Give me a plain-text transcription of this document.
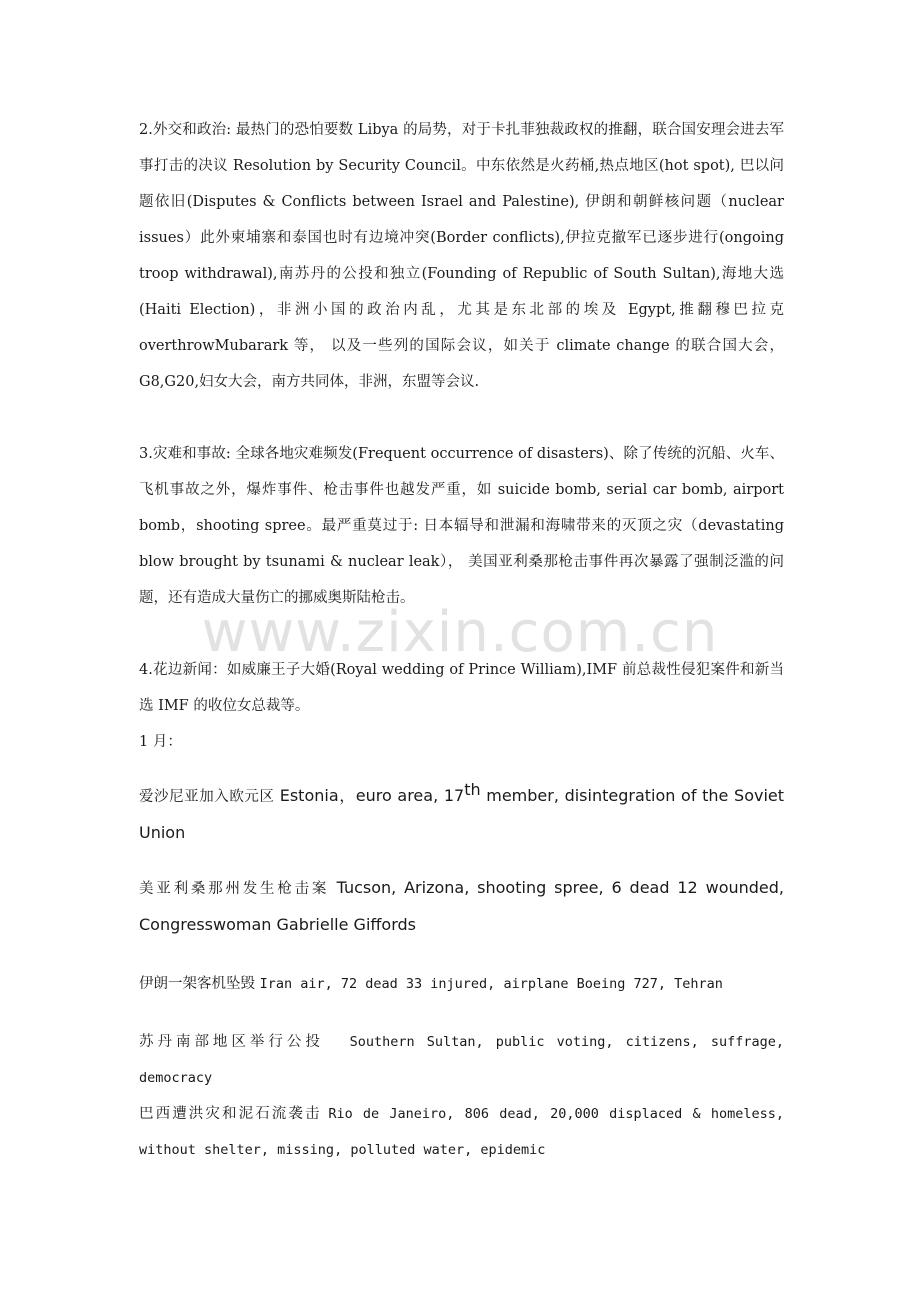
2.外交和政治: 最热门的恐怕要数 Libya 的局势，对于卡扎菲独裁政权的推翻，联合国安理会进去军事打击的决议 Resolution by Security Council。中东依然是火药桶,热点地区(hot spot), 巴以问题依旧(Disputes & Conflicts between Israel and Palestine), 伊朗和朝鲜核问题（nuclear issues）此外柬埔寨和泰国也时有边境冲突(Border conflicts),伊拉克撤军已逐步进行(ongoing troop withdrawal),南苏丹的公投和独立(Founding of Republic of South Sultan),海地大选(Haiti Election)，非洲小国的政治内乱，尤其是东北部的埃及 Egypt,推翻穆巴拉克 overthrowMubarark 等， 以及一些列的国际会议，如关于 climate change 的联合国大会，G8,G20,妇女大会，南方共同体，非洲，东盟等会议.

3.灾难和事故: 全球各地灾难频发(Frequent occurrence of disasters)、除了传统的沉船、火车、飞机事故之外，爆炸事件、枪击事件也越发严重，如 suicide bomb, serial car bomb, airport bomb，shooting spree。最严重莫过于: 日本辐导和泄漏和海啸带来的灭顶之灾（devastating blow brought by tsunami & nuclear leak）， 美国亚利桑那枪击事件再次暴露了强制泛滥的问题，还有造成大量伤亡的挪威奥斯陆枪击。

4.花边新闻：如威廉王子大婚(Royal wedding of Prince William),IMF 前总裁性侵犯案件和新当选 IMF 的收位女总裁等。

1 月：

爱沙尼亚加入欧元区 Estonia，euro area, 17th member, disintegration of the Soviet Union

美亚利桑那州发生枪击案 Tucson, Arizona, shooting spree, 6 dead 12 wounded, Congresswoman Gabrielle Giffords

伊朗一架客机坠毁 Iran air, 72 dead 33 injured, airplane Boeing 727, Tehran

苏丹南部地区举行公投 Southern Sultan, public voting, citizens, suffrage, democracy

巴西遭洪灾和泥石流袭击 Rio de Janeiro, 806 dead, 20,000 displaced & homeless, without shelter, missing, polluted water, epidemic

www.zixin.com.cn
